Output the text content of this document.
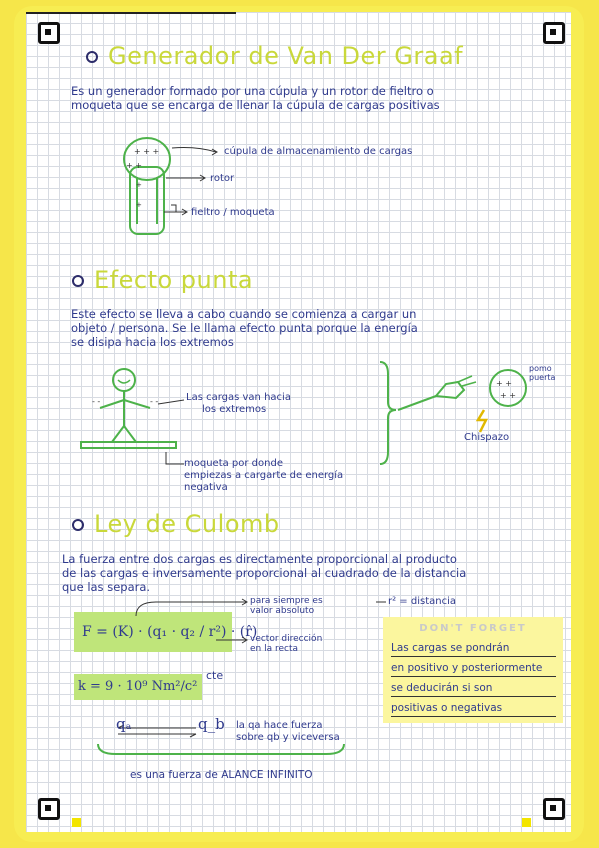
Generador de Van Der Graaf
Es un generador formado por una cúpula y un rotor de fieltro o
moqueta que se encarga de llenar la cúpula de cargas positivas
+ + +
+ +
+
+
cúpula de almacenamiento de cargas
rotor
fieltro / moqueta
Efecto punta
Este efecto se lleva a cabo cuando se comienza a cargar un
objeto / persona. Se le llama efecto punta porque la energía
se disipa hacia los extremos
- -	- -
+ +
+ +
Las cargas van hacia
los extremos
moqueta por donde
empiezas a cargarte de energía
negativa
pomo
puerta
Chispazo
Ley de Culomb
La fuerza entre dos cargas es directamente proporcional al producto
de las cargas e inversamente proporcional al cuadrado de la distancia
que las separa.
F = (K) · (q₁ · q₂ / r²) · (r̂)
k = 9 · 10⁹ Nm²/c²
cte
para siempre es
valor absoluto
vector dirección
en la recta
r² = distancia
qₐ	q_b la qa hace fuerza
sobre qb y viceversa
es una fuerza de ALANCE INFINITO
DON'T FORGET
Las cargas se pondrán
en positivo y posteriormente
se deducirán si son
positivas o negativas
